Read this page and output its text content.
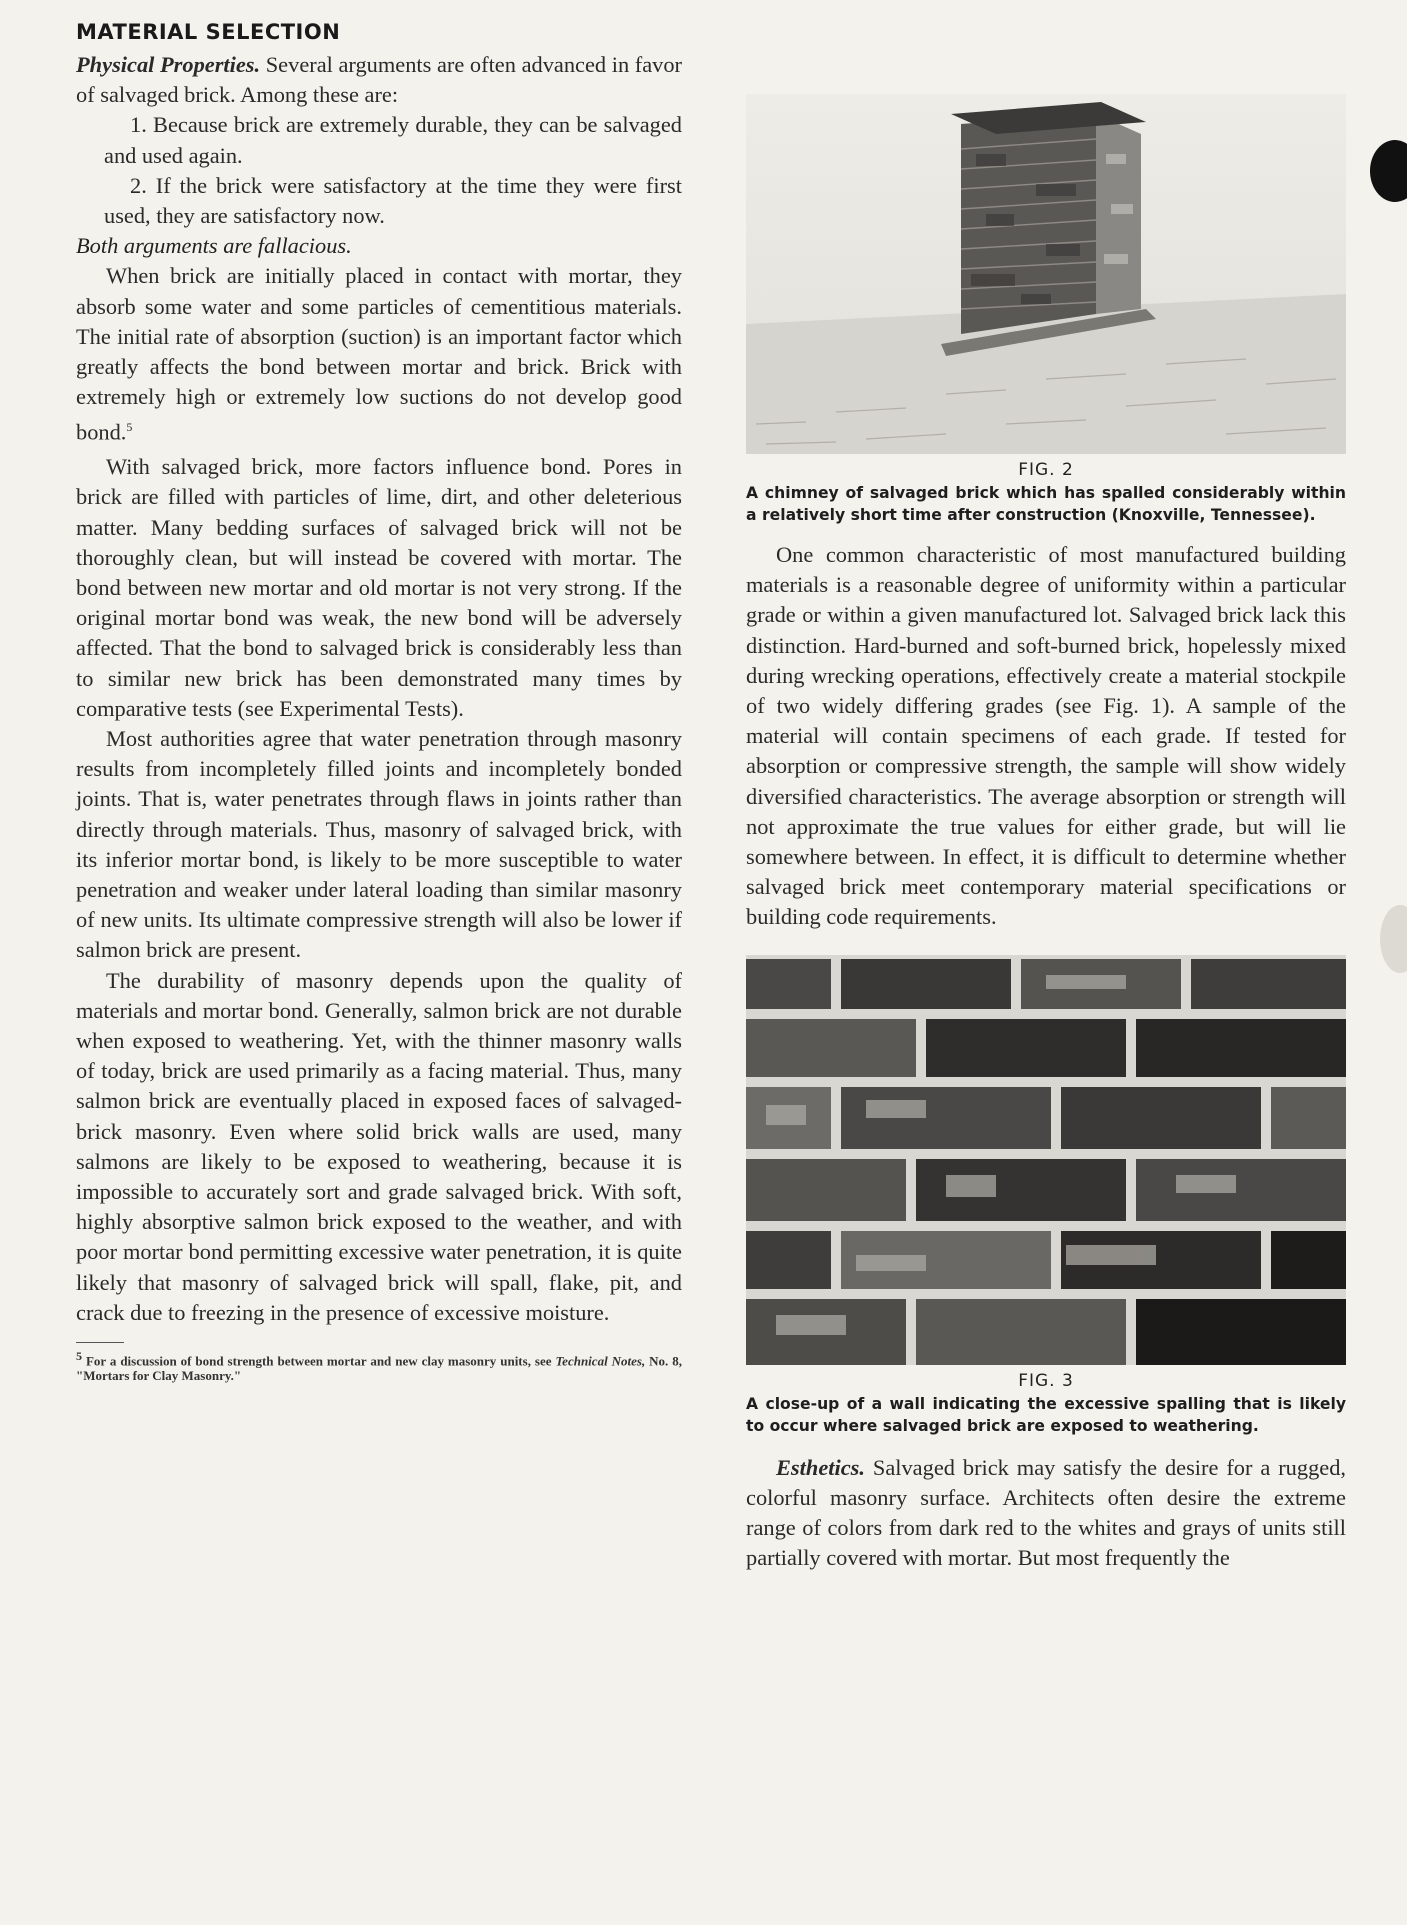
MATERIAL SELECTION

Physical Properties. Several arguments are often advanced in favor of salvaged brick. Among these are:

1. Because brick are extremely durable, they can be salvaged and used again.

2. If the brick were satisfactory at the time they were first used, they are satisfactory now.

Both arguments are fallacious.

When brick are initially placed in contact with mortar, they absorb some water and some particles of cementitious materials. The initial rate of absorption (suction) is an important factor which greatly affects the bond between mortar and brick. Brick with extremely high or extremely low suctions do not develop good bond.$^5$

With salvaged brick, more factors influence bond. Pores in brick are filled with particles of lime, dirt, and other deleterious matter. Many bedding surfaces of salvaged brick will not be thoroughly clean, but will instead be covered with mortar. The bond between new mortar and old mortar is not very strong. If the original mortar bond was weak, the new bond will be adversely affected. That the bond to salvaged brick is considerably less than to similar new brick has been demonstrated many times by comparative tests (see Experimental Tests).

Most authorities agree that water penetration through masonry results from incompletely filled joints and incompletely bonded joints. That is, water penetrates through flaws in joints rather than directly through materials. Thus, masonry of salvaged brick, with its inferior mortar bond, is likely to be more susceptible to water penetration and weaker under lateral loading than similar masonry of new units. Its ultimate compressive strength will also be lower if salmon brick are present.

The durability of masonry depends upon the quality of materials and mortar bond. Generally, salmon brick are not durable when exposed to weathering. Yet, with the thinner masonry walls of today, brick are used primarily as a facing material. Thus, many salmon brick are eventually placed in exposed faces of salvaged-brick masonry. Even where solid brick walls are used, many salmons are likely to be exposed to weathering, because it is impossible to accurately sort and grade salvaged brick. With soft, highly absorptive salmon brick exposed to the weather, and with poor mortar bond permitting excessive water penetration, it is quite likely that masonry of salvaged brick will spall, flake, pit, and crack due to freezing in the presence of excessive moisture.

$^5$ For a discussion of bond strength between mortar and new clay masonry units, see Technical Notes, No. 8, "Mortars for Clay Masonry."
FIG. 2
A chimney of salvaged brick which has spalled considerably within a relatively short time after construction (Knoxville, Tennessee).

One common characteristic of most manufactured building materials is a reasonable degree of uniformity within a particular grade or within a given manufactured lot. Salvaged brick lack this distinction. Hard-burned and soft-burned brick, hopelessly mixed during wrecking operations, effectively create a material stockpile of two widely differing grades (see Fig. 1). A sample of the material will contain specimens of each grade. If tested for absorption or compressive strength, the sample will show widely diversified characteristics. The average absorption or strength will not approximate the true values for either grade, but will lie somewhere between. In effect, it is difficult to determine whether salvaged brick meet contemporary material specifications or building code requirements.

FIG. 3
A close-up of a wall indicating the excessive spalling that is likely to occur where salvaged brick are exposed to weathering.

Esthetics. Salvaged brick may satisfy the desire for a rugged, colorful masonry surface. Architects often desire the extreme range of colors from dark red to the whites and grays of units still partially covered with mortar. But most frequently the
